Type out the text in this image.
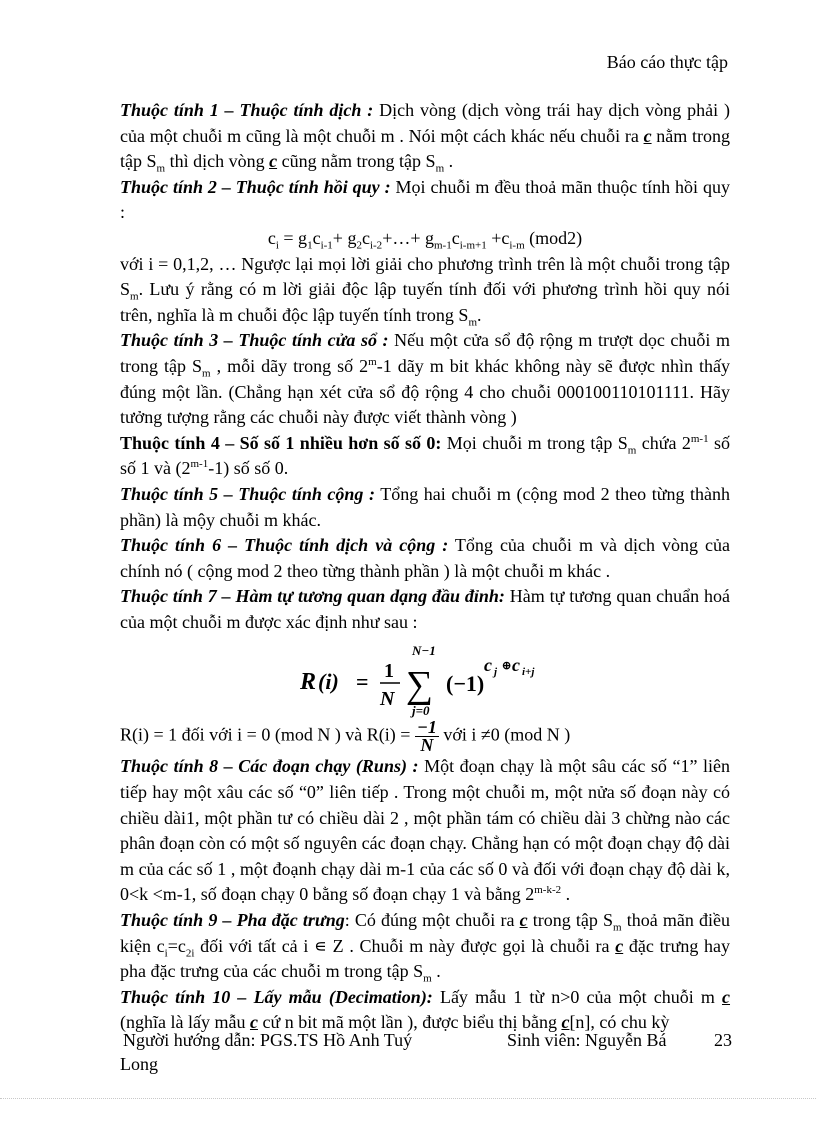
Báo cáo thực tập

Thuộc tính 1 – Thuộc tính dịch : Dịch vòng (dịch vòng trái hay dịch vòng phải ) của một chuỗi m cũng là một chuỗi m . Nói một cách khác nếu chuỗi ra c nằm trong tập $S_m$ thì dịch vòng c cũng nằm trong tập $S_m$ .

Thuộc tính 2 – Thuộc tính hồi quy : Mọi chuỗi m đều thoả mãn thuộc tính hồi quy :

$c_i = g_1c_{i-1}+$ $g_2c_{i-2}+\dots+ g_{m-1}c_{i-m+1} +c_{i-m}$ (mod2)

với i = 0,1,2, … Ngược lại mọi lời giải cho phương trình trên là một chuỗi trong tập $S_m$. Lưu ý rằng có m lời giải độc lập tuyến tính đối với phương trình hồi quy nói trên, nghĩa là m chuỗi độc lập tuyến tính trong $S_m$.

Thuộc tính 3 – Thuộc tính cửa sổ : Nếu một cửa sổ độ rộng m trượt dọc chuỗi m trong tập $S_m$ , mỗi dãy trong số 2$^m$-1 dãy m bit khác không này sẽ được nhìn thấy đúng một lần. (Chẳng hạn xét cửa sổ độ rộng 4 cho chuỗi 000100110101111. Hãy tưởng tượng rằng các chuỗi này được viết thành vòng )

Thuộc tính 4 – Số số 1 nhiều hơn số số 0: Mọi chuỗi m trong tập $S_m$ chứa 2$^{m-1}$ số số 1 và (2$^{m-1}$-1) số số 0.

Thuộc tính 5 – Thuộc tính cộng : Tổng hai chuỗi m (cộng mod 2 theo từng thành phần) là mộy chuỗi m khác.

Thuộc tính 6 – Thuộc tính dịch và cộng : Tổng của chuỗi m và dịch vòng của chính nó ( cộng mod 2 theo từng thành phần ) là một chuỗi m khác .

Thuộc tính 7 – Hàm tự tương quan dạng đầu đỉnh: Hàm tự tương quan chuẩn hoá của một chuỗi m được xác định như sau :

R (i) = 1
N
N−1
∑
j=0
(−1)
c j ⊕ c i+j

R(i) = 1 đối với i = 0 (mod N ) và $R(i) = \frac{-1}{N}$ với i ≠0 (mod N )

Thuộc tính 8 – Các đoạn chạy (Runs) : Một đoạn chạy là một sâu các số “1” liên tiếp hay một xâu các số “0” liên tiếp . Trong một chuỗi m, một nửa số đoạn này có chiều dài1, một phần tư có chiều dài 2 , một phần tám có chiều dài 3 chừng nào các phân đoạn còn có một số nguyên các đoạn chạy. Chẳng hạn có một đoạn chạy độ dài m của các số 1 , một đoạnh chạy dài m-1 của các số 0 và đối với đoạn chạy độ dài k, 0<k <m-1, số đoạn chạy 0 bằng số đoạn chạy 1 và bằng 2$^{m-k-2}$ .

Thuộc tính 9 – Pha đặc trưng: Có đúng một chuỗi ra c trong tập $S_m$ thoả mãn điều kiện $c_i=c_{2i}$ đối với tất cả i ∊ Z . Chuỗi m này được gọi là chuỗi ra c đặc trưng hay pha đặc trưng của các chuỗi m trong tập $S_m$ .

Thuộc tính 10 – Lấy mẫu (Decimation): Lấy mẫu 1 từ n>0 của một chuỗi m c (nghĩa là lấy mẫu c cứ n bit mã một lần ), được biểu thị bằng c[n], có chu kỳ

Người hướng dẫn: PGS.TS Hồ Anh Tuý	Sinh viên: Nguyễn Bá	23
Long
